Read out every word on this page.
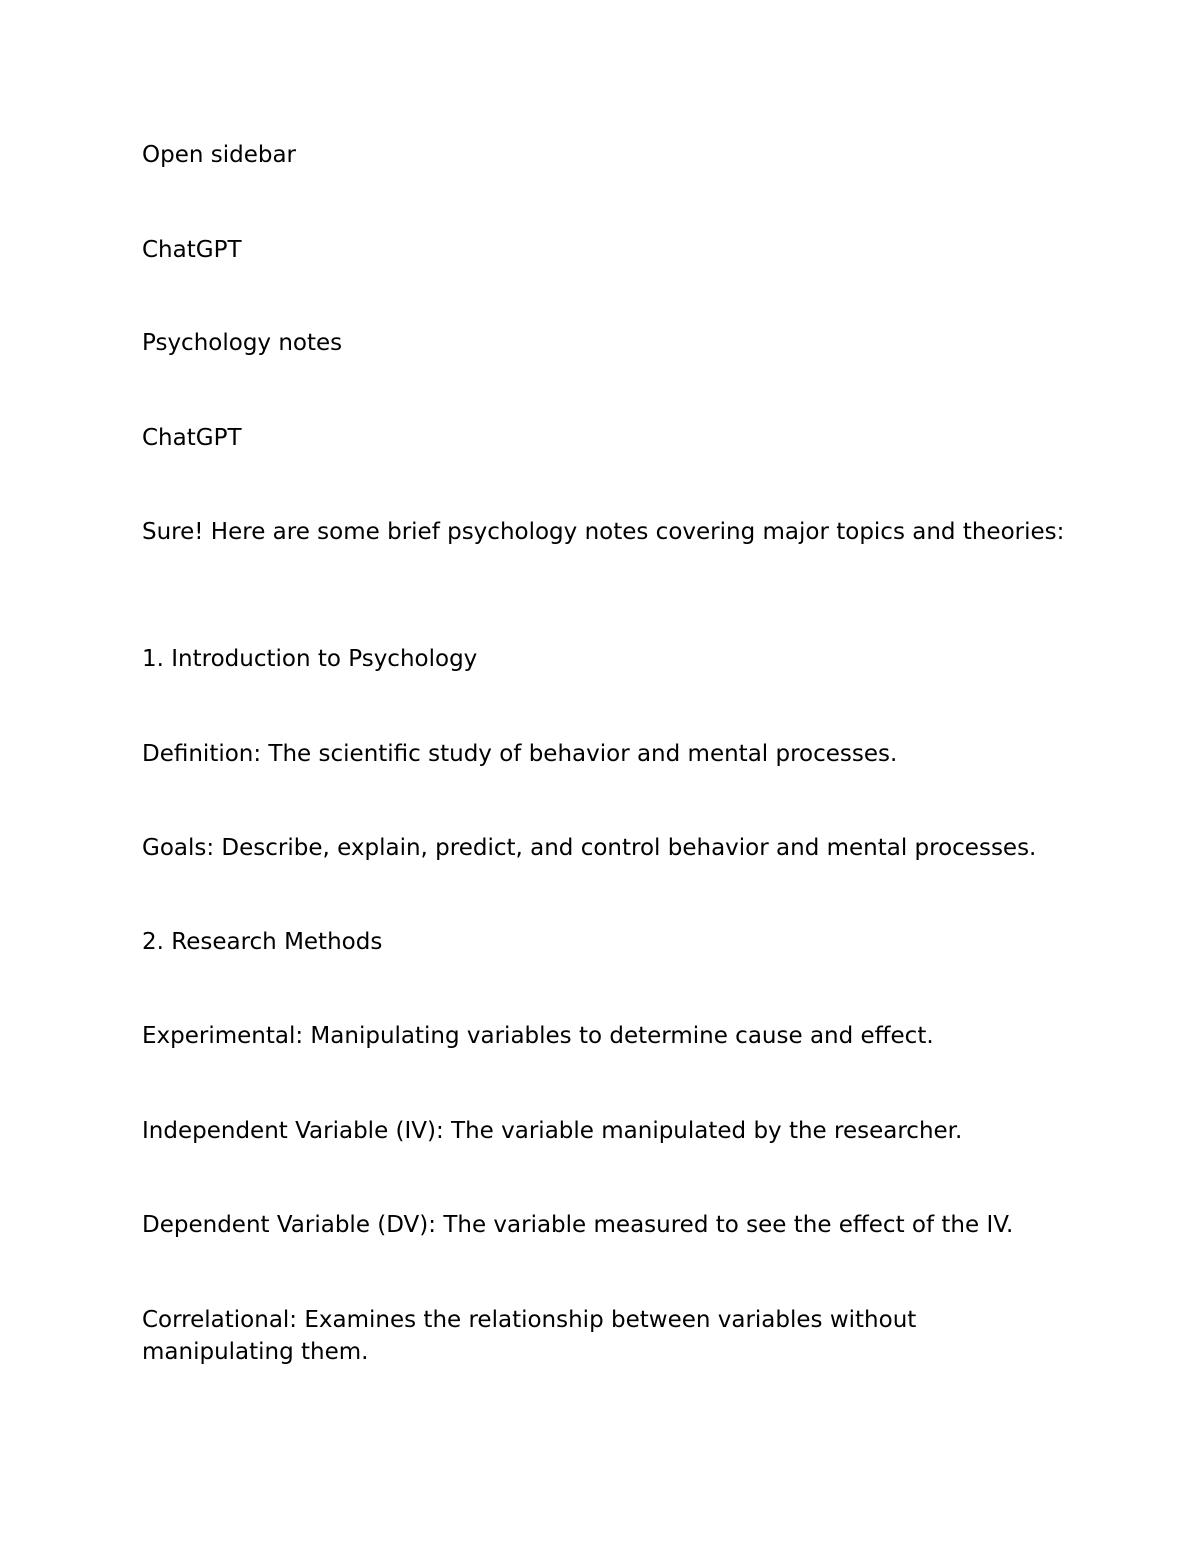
Open sidebar

ChatGPT

Psychology notes

ChatGPT

Sure! Here are some brief psychology notes covering major topics and theories:

1. Introduction to Psychology

Definition: The scientific study of behavior and mental processes.

Goals: Describe, explain, predict, and control behavior and mental processes.

2. Research Methods

Experimental: Manipulating variables to determine cause and effect.

Independent Variable (IV): The variable manipulated by the researcher.

Dependent Variable (DV): The variable measured to see the effect of the IV.

Correlational: Examines the relationship between variables without manipulating them.
